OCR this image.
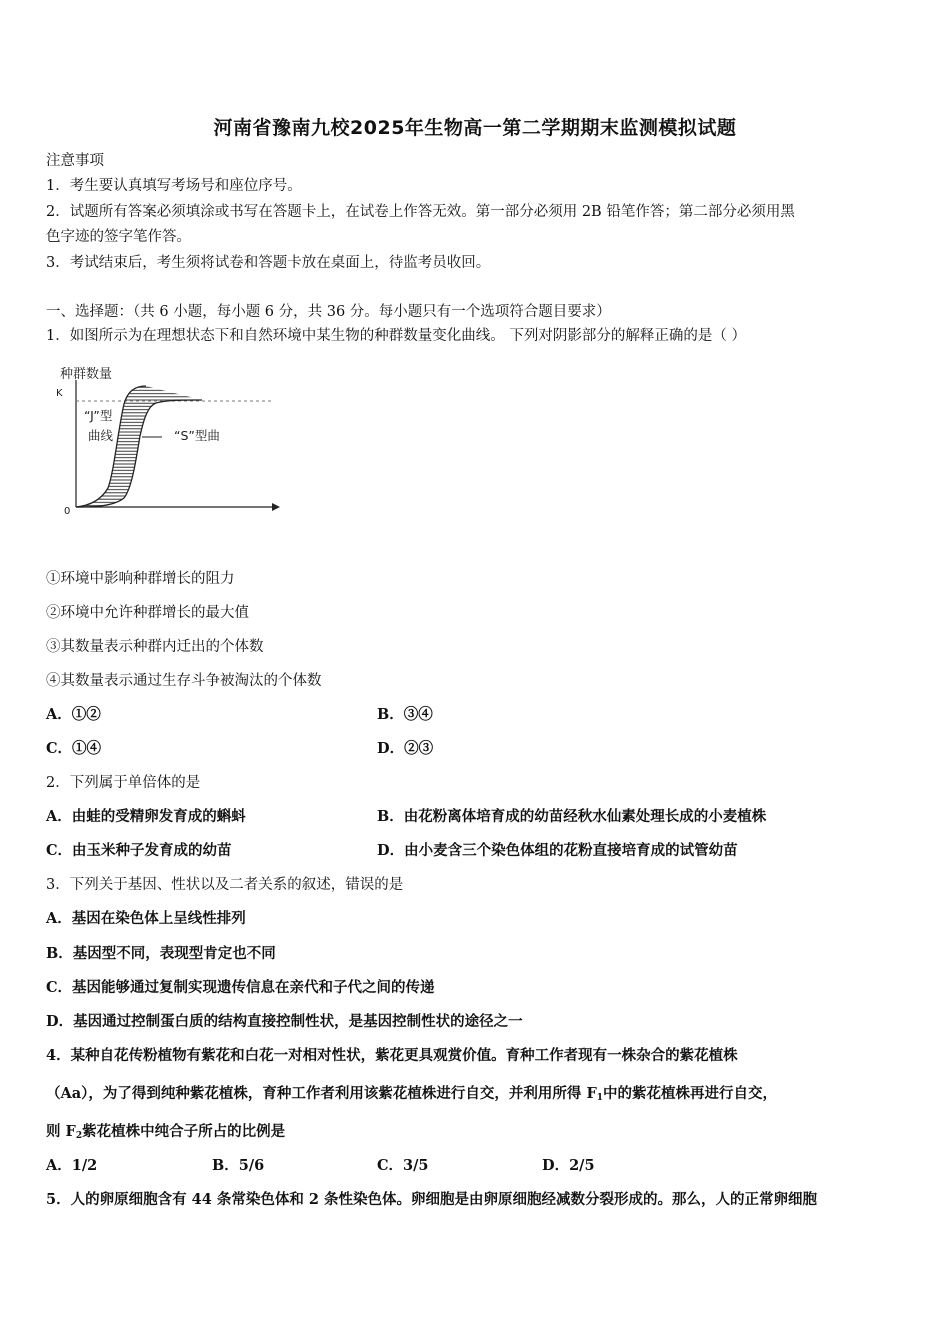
河南省豫南九校2025年生物高一第二学期期末监测模拟试题
注意事项
1．考生要认真填写考场号和座位序号。
2．试题所有答案必须填涂或书写在答题卡上，在试卷上作答无效。第一部分必须用 2B 铅笔作答；第二部分必须用黑
色字迹的签字笔作答。
3．考试结束后，考生须将试卷和答题卡放在桌面上，待监考员收回。
一、选择题：（共 6 小题，每小题 6 分，共 36 分。每小题只有一个选项符合题目要求）
1．如图所示为在理想状态下和自然环境中某生物的种群数量变化曲线。 下列对阴影部分的解释正确的是（ ）
种群数量
K
0
“J”型
曲线	“S”型曲
①环境中影响种群增长的阻力
②环境中允许种群增长的最大值
③其数量表示种群内迁出的个体数
④其数量表示通过生存斗争被淘汰的个体数
A．①②	B．③④
C．①④	D．②③
2．下列属于单倍体的是
A．由蛙的受精卵发育成的蝌蚪	B．由花粉离体培育成的幼苗经秋水仙素处理长成的小麦植株
C．由玉米种子发育成的幼苗	D．由小麦含三个染色体组的花粉直接培育成的试管幼苗
3．下列关于基因、性状以及二者关系的叙述，错误的是
A．基因在染色体上呈线性排列
B．基因型不同，表现型肯定也不同
C．基因能够通过复制实现遗传信息在亲代和子代之间的传递
D．基因通过控制蛋白质的结构直接控制性状，是基因控制性状的途径之一
4．某种自花传粉植物有紫花和白花一对相对性状，紫花更具观赏价值。育种工作者现有一株杂合的紫花植株
（Aa），为了得到纯种紫花植株，育种工作者利用该紫花植株进行自交，并利用所得 $F_1$中的紫花植株再进行自交，
则 $F_2$紫花植株中纯合子所占的比例是
A．1/2	B．5/6	C．3/5	D．2/5
5．人的卵原细胞含有 44 条常染色体和 2 条性染色体。卵细胞是由卵原细胞经减数分裂形成的。那么，人的正常卵细胞
